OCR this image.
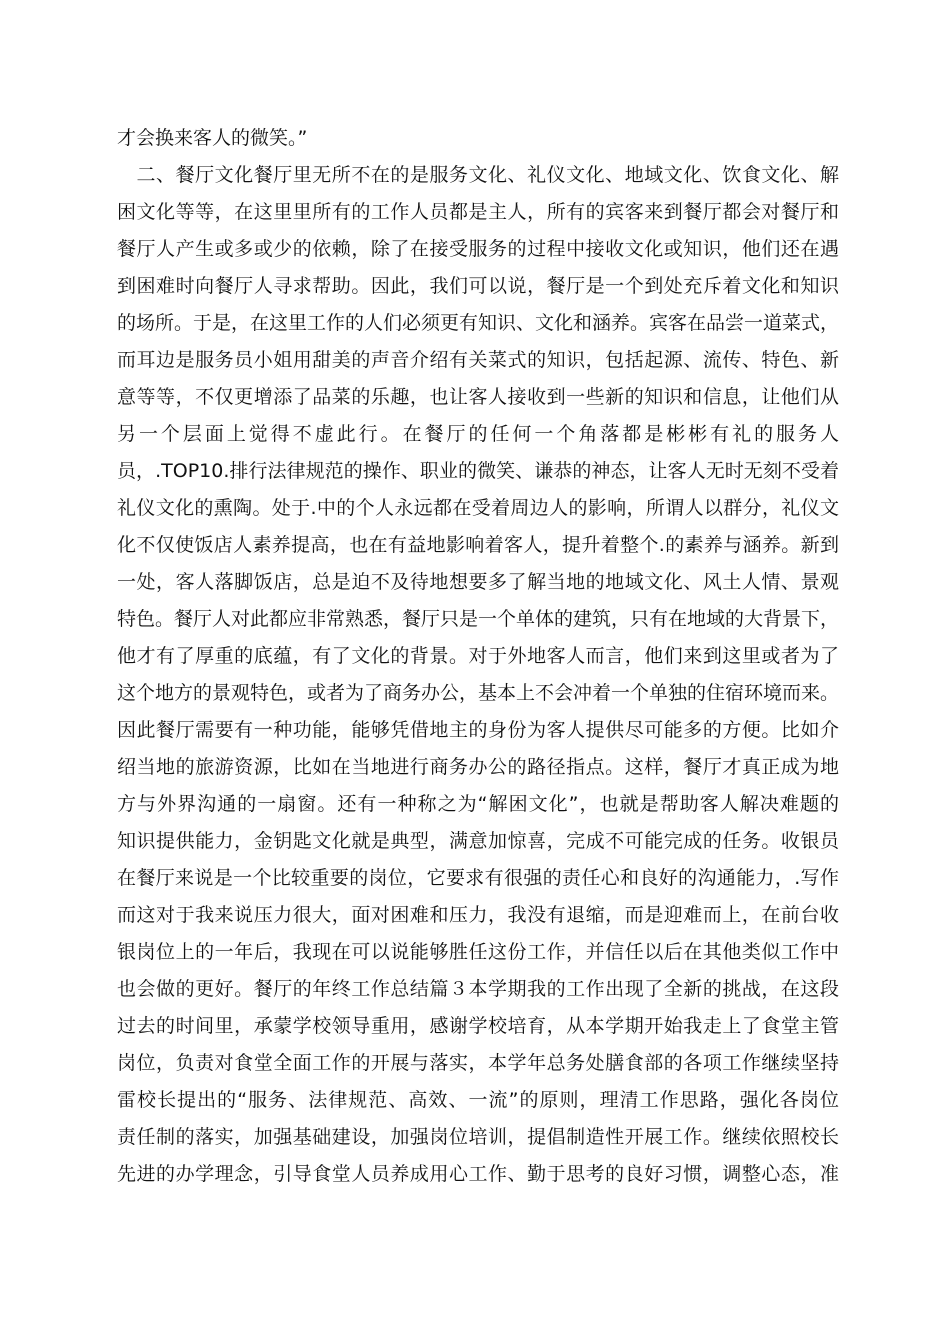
才会换来客人的微笑。”
　二、餐厅文化餐厅里无所不在的是服务文化、礼仪文化、地域文化、饮食文化、解
困文化等等，在这里里所有的工作人员都是主人，所有的宾客来到餐厅都会对餐厅和
餐厅人产生或多或少的依赖，除了在接受服务的过程中接收文化或知识，他们还在遇
到困难时向餐厅人寻求帮助。因此，我们可以说，餐厅是一个到处充斥着文化和知识
的场所。于是，在这里工作的人们必须更有知识、文化和涵养。宾客在品尝一道菜式，
而耳边是服务员小姐用甜美的声音介绍有关菜式的知识，包括起源、流传、特色、新
意等等，不仅更增添了品菜的乐趣，也让客人接收到一些新的知识和信息，让他们从
另一个层面上觉得不虚此行。在餐厅的任何一个角落都是彬彬有礼的服务人
员，.TOP10.排行法律规范的操作、职业的微笑、谦恭的神态，让客人无时无刻不受着
礼仪文化的熏陶。处于.中的个人永远都在受着周边人的影响，所谓人以群分，礼仪文
化不仅使饭店人素养提高，也在有益地影响着客人，提升着整个.的素养与涵养。新到
一处，客人落脚饭店，总是迫不及待地想要多了解当地的地域文化、风土人情、景观
特色。餐厅人对此都应非常熟悉，餐厅只是一个单体的建筑，只有在地域的大背景下，
他才有了厚重的底蕴，有了文化的背景。对于外地客人而言，他们来到这里或者为了
这个地方的景观特色，或者为了商务办公，基本上不会冲着一个单独的住宿环境而来。
因此餐厅需要有一种功能，能够凭借地主的身份为客人提供尽可能多的方便。比如介
绍当地的旅游资源，比如在当地进行商务办公的路径指点。这样，餐厅才真正成为地
方与外界沟通的一扇窗。还有一种称之为“解困文化”，也就是帮助客人解决难题的
知识提供能力，金钥匙文化就是典型，满意加惊喜，完成不可能完成的任务。收银员
在餐厅来说是一个比较重要的岗位，它要求有很强的责任心和良好的沟通能力，.写作
而这对于我来说压力很大，面对困难和压力，我没有退缩，而是迎难而上，在前台收
银岗位上的一年后，我现在可以说能够胜任这份工作，并信任以后在其他类似工作中
也会做的更好。餐厅的年终工作总结篇３本学期我的工作出现了全新的挑战，在这段
过去的时间里，承蒙学校领导重用，感谢学校培育，从本学期开始我走上了食堂主管
岗位，负责对食堂全面工作的开展与落实，本学年总务处膳食部的各项工作继续坚持
雷校长提出的“服务、法律规范、高效、一流”的原则，理清工作思路，强化各岗位
责任制的落实，加强基础建设，加强岗位培训，提倡制造性开展工作。继续依照校长
先进的办学理念，引导食堂人员养成用心工作、勤于思考的良好习惯，调整心态，准
